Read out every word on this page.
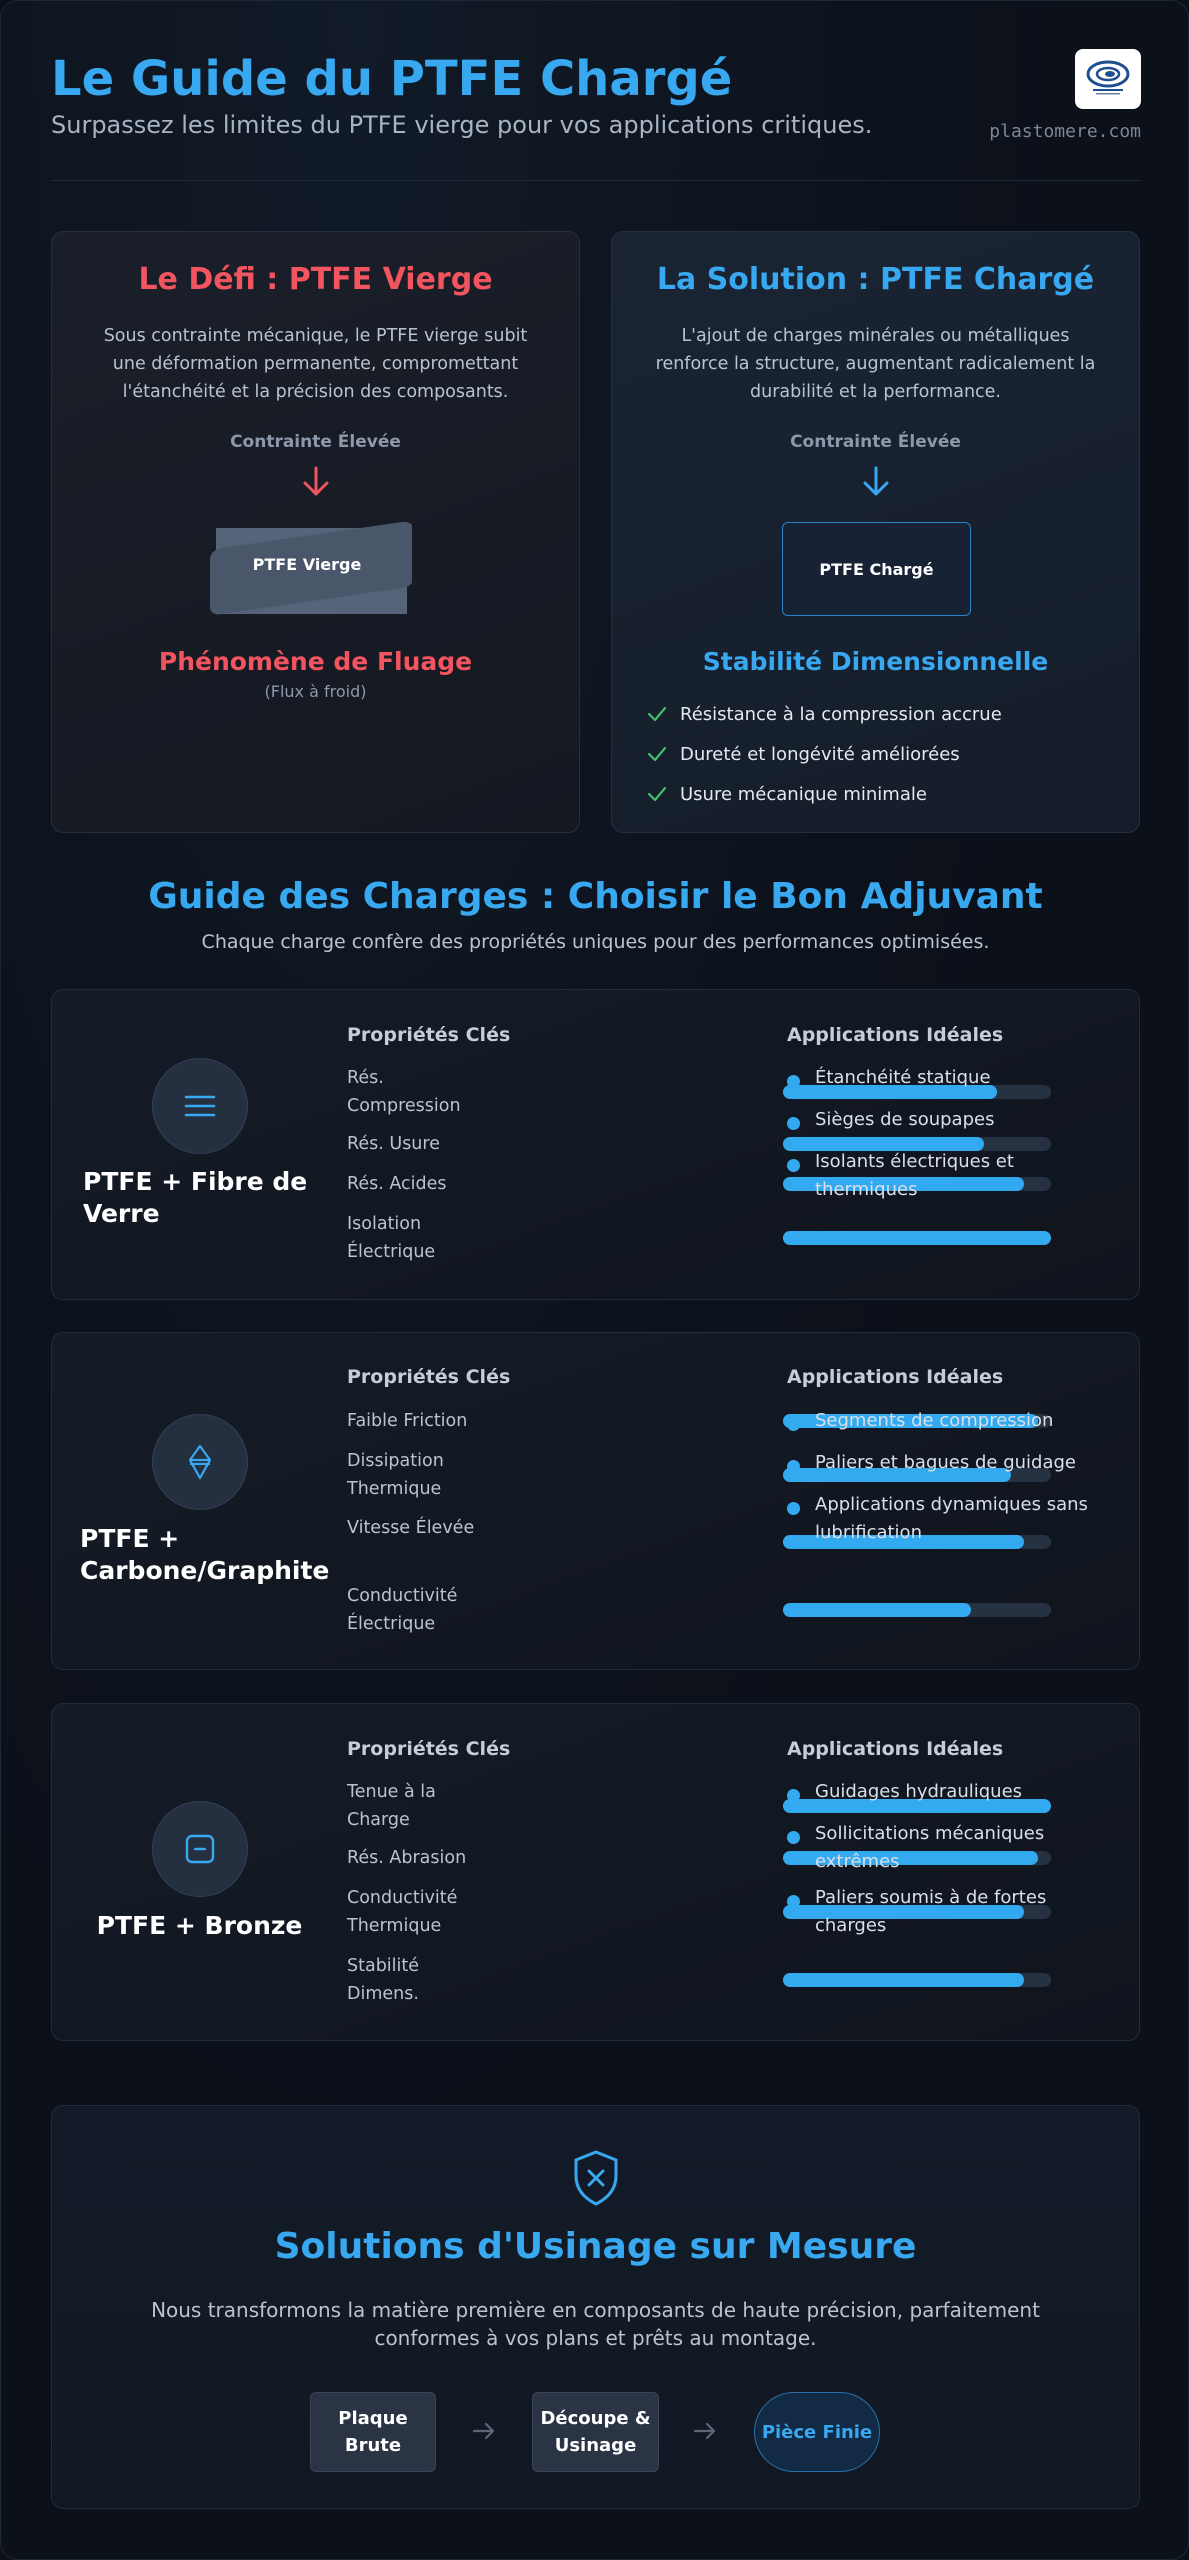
Le Guide du PTFE Chargé
Surpassez les limites du PTFE vierge pour vos applications critiques.	plastomere.com
Le Défi : PTFE Vierge
Sous contrainte mécanique, le PTFE vierge subit une déformation permanente, compromettant l'étanchéité et la précision des composants.
Contrainte Élevée
PTFE Vierge
Phénomène de Fluage
(Flux à froid)
La Solution : PTFE Chargé
L'ajout de charges minérales ou métalliques renforce la structure, augmentant radicalement la durabilité et la performance.
Contrainte Élevée
PTFE Chargé
Stabilité Dimensionnelle
Résistance à la compression accrue
Dureté et longévité améliorées
Usure mécanique minimale
Guide des Charges : Choisir le Bon Adjuvant
Chaque charge confère des propriétés uniques pour des performances optimisées.
PTFE + Fibre de Verre
Propriétés Clés
Rés. Compression
Rés. Usure
Rés. Acides
Isolation Électrique
Applications Idéales
Étanchéité statique
Sièges de soupapes
Isolants électriques et thermiques
PTFE + Carbone/Graphite
Propriétés Clés
Faible Friction
Dissipation Thermique
Vitesse Élevée
Conductivité Électrique
Applications Idéales
Segments de compression
Paliers et bagues de guidage
Applications dynamiques sans lubrification
PTFE + Bronze
Propriétés Clés
Tenue à la Charge
Rés. Abrasion
Conductivité Thermique
Stabilité Dimens.
Applications Idéales
Guidages hydrauliques
Sollicitations mécaniques extrêmes
Paliers soumis à de fortes charges
Solutions d'Usinage sur Mesure
Nous transformons la matière première en composants de haute précision, parfaitement conformes à vos plans et prêts au montage.
Plaque Brute
Découpe & Usinage
Pièce Finie
